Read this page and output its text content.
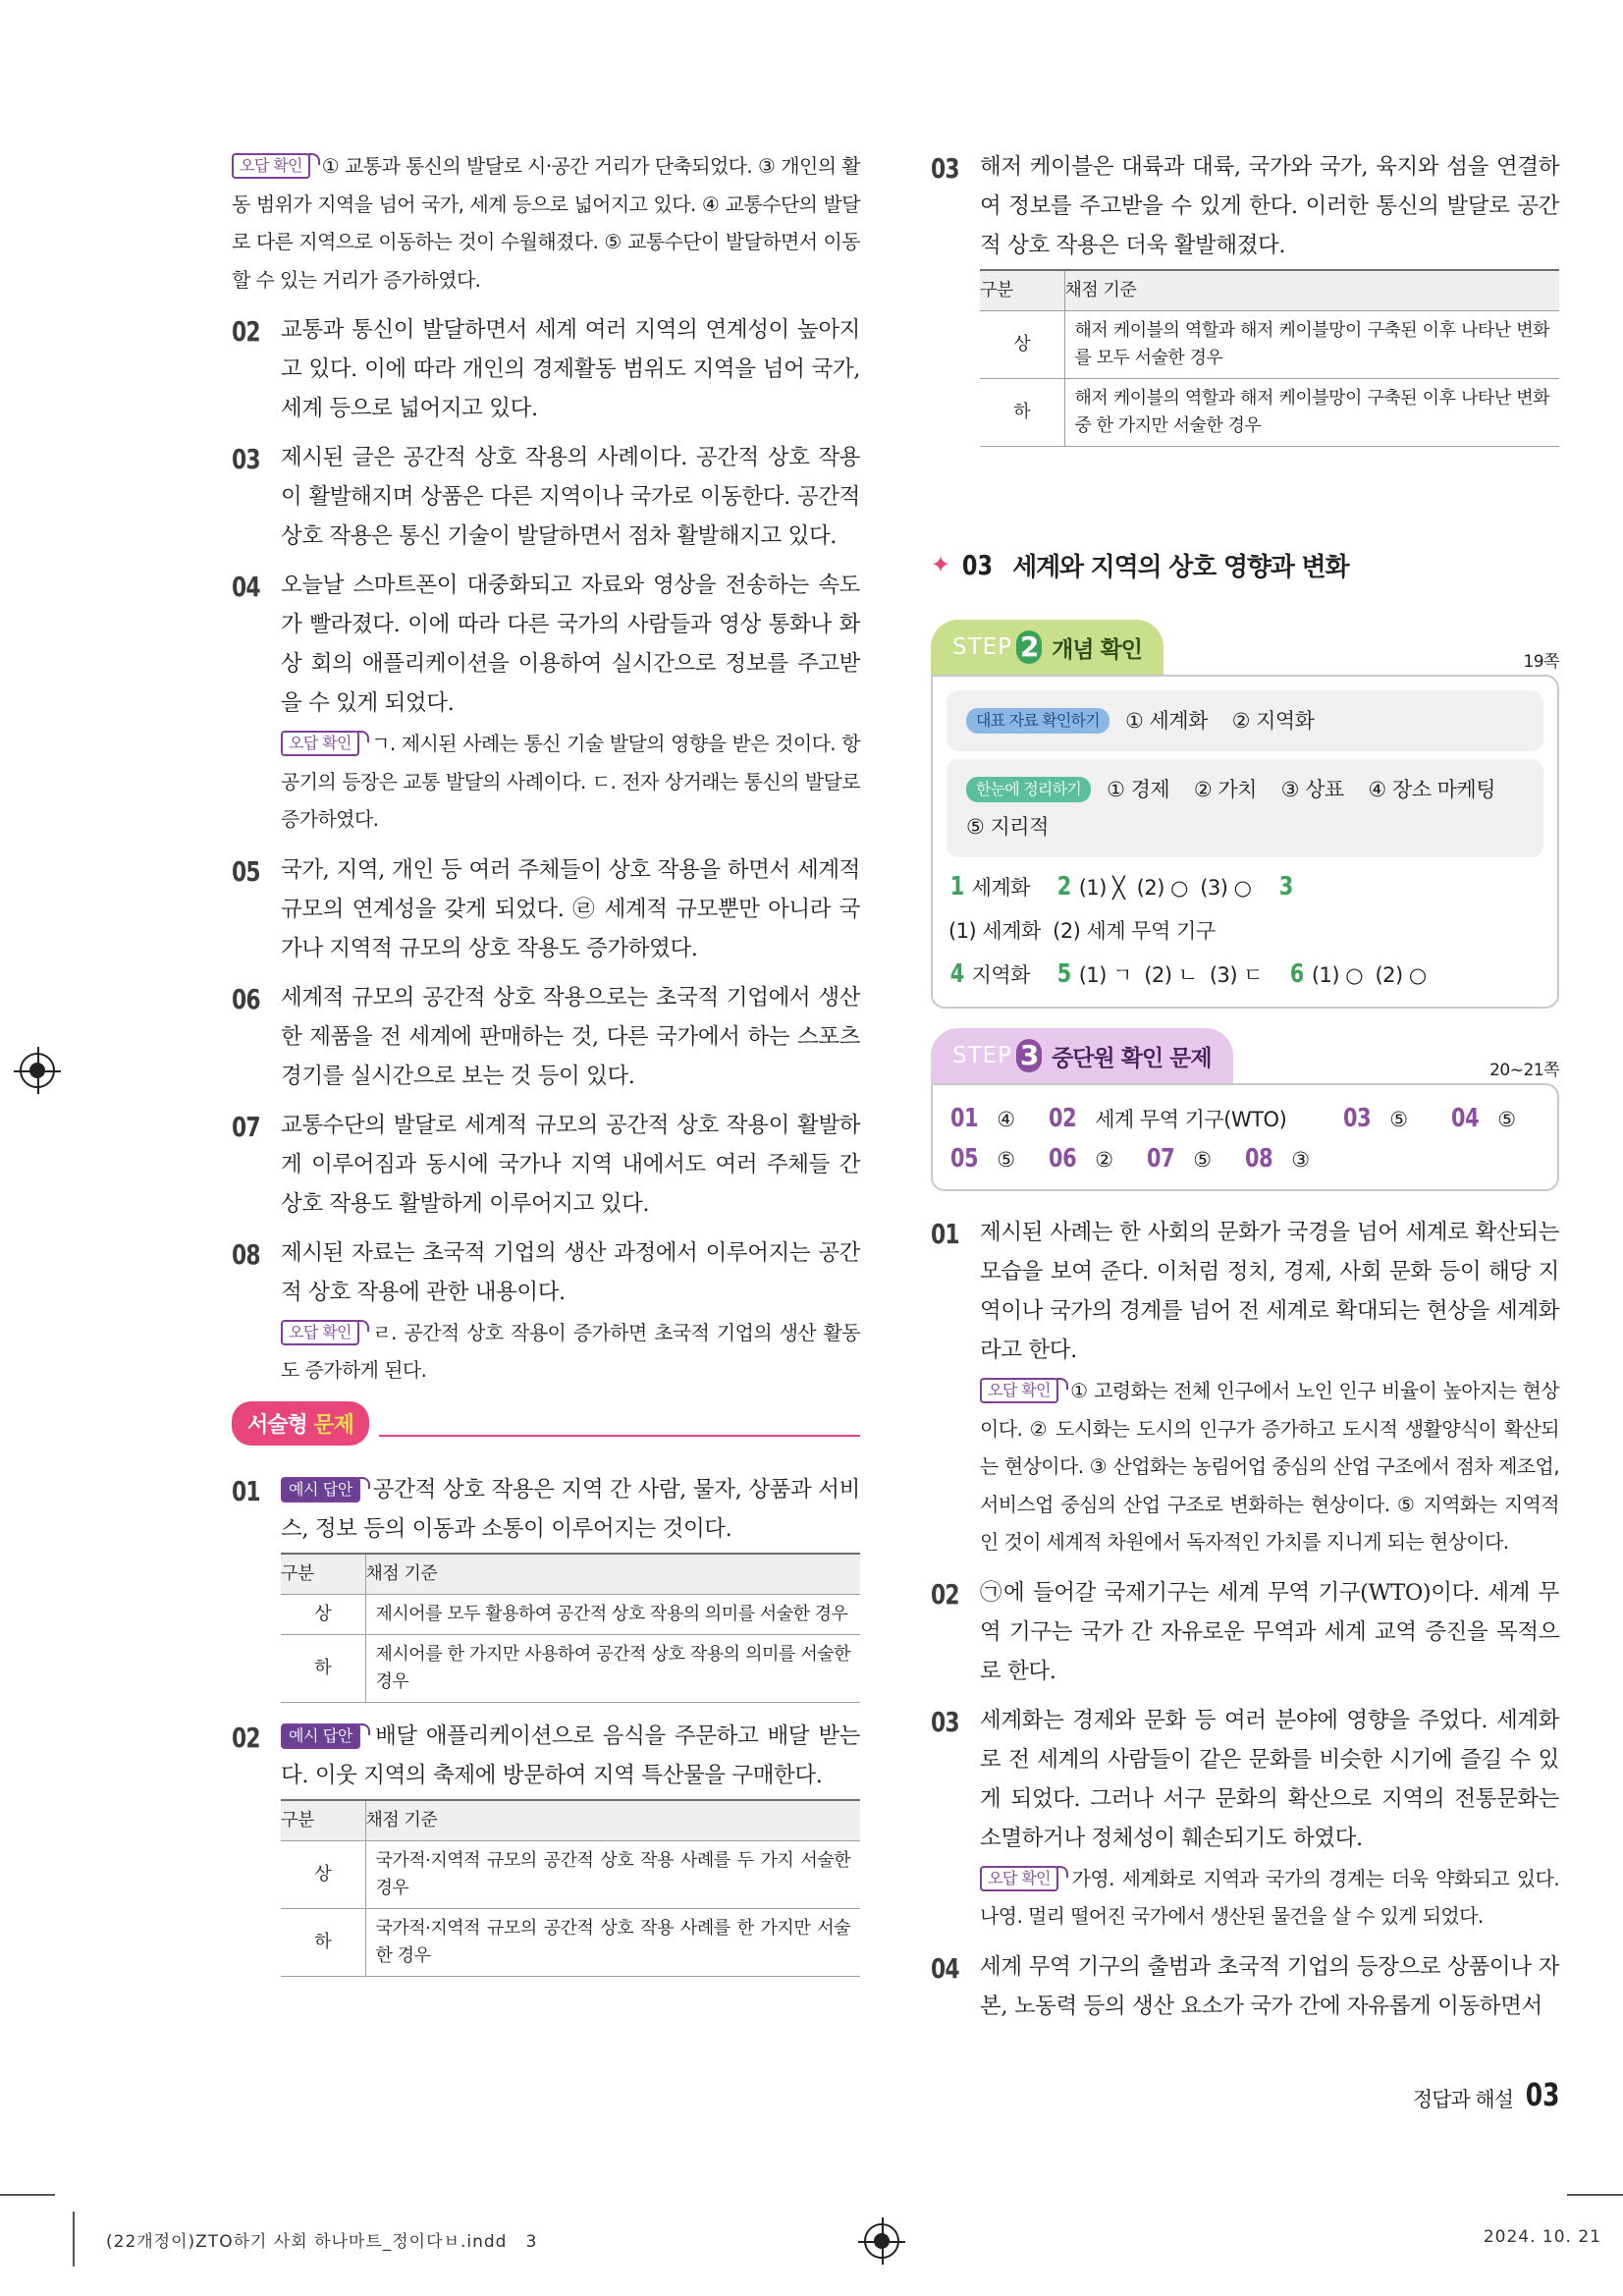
오답 확인 ① 교통과 통신의 발달로 시·공간 거리가 단축되었다. ③ 개인의 활동 범위가 지역을 넘어 국가, 세계 등으로 넓어지고 있다. ④ 교통수단의 발달로 다른 지역으로 이동하는 것이 수월해졌다. ⑤ 교통수단이 발달하면서 이동할 수 있는 거리가 증가하였다.
02 교통과 통신이 발달하면서 세계 여러 지역의 연계성이 높아지고 있다. 이에 따라 개인의 경제활동 범위도 지역을 넘어 국가, 세계 등으로 넓어지고 있다.
03 제시된 글은 공간적 상호 작용의 사례이다. 공간적 상호 작용이 활발해지며 상품은 다른 지역이나 국가로 이동한다. 공간적 상호 작용은 통신 기술이 발달하면서 점차 활발해지고 있다.
04 오늘날 스마트폰이 대중화되고 자료와 영상을 전송하는 속도가 빨라졌다. 이에 따라 다른 국가의 사람들과 영상 통화나 화상 회의 애플리케이션을 이용하여 실시간으로 정보를 주고받을 수 있게 되었다.
오답 확인 ㄱ. 제시된 사례는 통신 기술 발달의 영향을 받은 것이다. 항공기의 등장은 교통 발달의 사례이다. ㄷ. 전자 상거래는 통신의 발달로 증가하였다.
05 국가, 지역, 개인 등 여러 주체들이 상호 작용을 하면서 세계적 규모의 연계성을 갖게 되었다. ㉣ 세계적 규모뿐만 아니라 국가나 지역적 규모의 상호 작용도 증가하였다.
06 세계적 규모의 공간적 상호 작용으로는 초국적 기업에서 생산한 제품을 전 세계에 판매하는 것, 다른 국가에서 하는 스포츠 경기를 실시간으로 보는 것 등이 있다.
07 교통수단의 발달로 세계적 규모의 공간적 상호 작용이 활발하게 이루어짐과 동시에 국가나 지역 내에서도 여러 주체들 간 상호 작용도 활발하게 이루어지고 있다.
08 제시된 자료는 초국적 기업의 생산 과정에서 이루어지는 공간적 상호 작용에 관한 내용이다.
오답 확인 ㄹ. 공간적 상호 작용이 증가하면 초국적 기업의 생산 활동도 증가하게 된다.
서술형 문제
01 예시 답안 공간적 상호 작용은 지역 간 사람, 물자, 상품과 서비스, 정보 등의 이동과 소통이 이루어지는 것이다.
구분	채점 기준
상	제시어를 모두 활용하여 공간적 상호 작용의 의미를 서술한 경우
하	제시어를 한 가지만 사용하여 공간적 상호 작용의 의미를 서술한 경우
02 예시 답안 배달 애플리케이션으로 음식을 주문하고 배달 받는다. 이웃 지역의 축제에 방문하여 지역 특산물을 구매한다.
구분	채점 기준
상	국가적·지역적 규모의 공간적 상호 작용 사례를 두 가지 서술한 경우
하	국가적·지역적 규모의 공간적 상호 작용 사례를 한 가지만 서술한 경우
03 해저 케이블은 대륙과 대륙, 국가와 국가, 육지와 섬을 연결하여 정보를 주고받을 수 있게 한다. 이러한 통신의 발달로 공간적 상호 작용은 더욱 활발해졌다.
구분	채점 기준
상	해저 케이블의 역할과 해저 케이블망이 구축된 이후 나타난 변화를 모두 서술한 경우
하	해저 케이블의 역할과 해저 케이블망이 구축된 이후 나타난 변화 중 한 가지만 서술한 경우
✦ 03 세계와 지역의 상호 영향과 변화
STEP 2 개념 확인	19쪽
대표 자료 확인하기 ① 세계화    ② 지역화
한눈에 정리하기 ① 경제    ② 가치    ③ 상표    ④ 장소 마케팅
⑤ 지리적
1 세계화 2 (1) ╳  (2) ○  (3) ○ 3(1) 세계화  (2) 세계 무역 기구
4 지역화 5 (1) ㄱ  (2) ㄴ  (3) ㄷ 6 (1) ○  (2) ○
STEP 3 중단원 확인 문제	20~21쪽
01 ④	02 세계 무역 기구(WTO)	03 ⑤	04 ⑤
05 ⑤	06 ②	07 ⑤	08 ③
01 제시된 사례는 한 사회의 문화가 국경을 넘어 세계로 확산되는 모습을 보여 준다. 이처럼 정치, 경제, 사회 문화 등이 해당 지역이나 국가의 경계를 넘어 전 세계로 확대되는 현상을 세계화라고 한다.
오답 확인 ① 고령화는 전체 인구에서 노인 인구 비율이 높아지는 현상이다. ② 도시화는 도시의 인구가 증가하고 도시적 생활양식이 확산되는 현상이다. ③ 산업화는 농림어업 중심의 산업 구조에서 점차 제조업, 서비스업 중심의 산업 구조로 변화하는 현상이다. ⑤ 지역화는 지역적인 것이 세계적 차원에서 독자적인 가치를 지니게 되는 현상이다.
02 ㉠에 들어갈 국제기구는 세계 무역 기구(WTO)이다. 세계 무역 기구는 국가 간 자유로운 무역과 세계 교역 증진을 목적으로 한다.
03 세계화는 경제와 문화 등 여러 분야에 영향을 주었다. 세계화로 전 세계의 사람들이 같은 문화를 비슷한 시기에 즐길 수 있게 되었다. 그러나 서구 문화의 확산으로 지역의 전통문화는 소멸하거나 정체성이 훼손되기도 하였다.
오답 확인 가영. 세계화로 지역과 국가의 경계는 더욱 약화되고 있다. 나영. 멀리 떨어진 국가에서 생산된 물건을 살 수 있게 되었다.
04 세계 무역 기구의 출범과 초국적 기업의 등장으로 상품이나 자본, 노동력 등의 생산 요소가 국가 간에 자유롭게 이동하면서
정답과 해설 03
(22개정이)ZTO하기 사회 하나마트_정이다ㅂ.indd   3	2024. 10. 21
